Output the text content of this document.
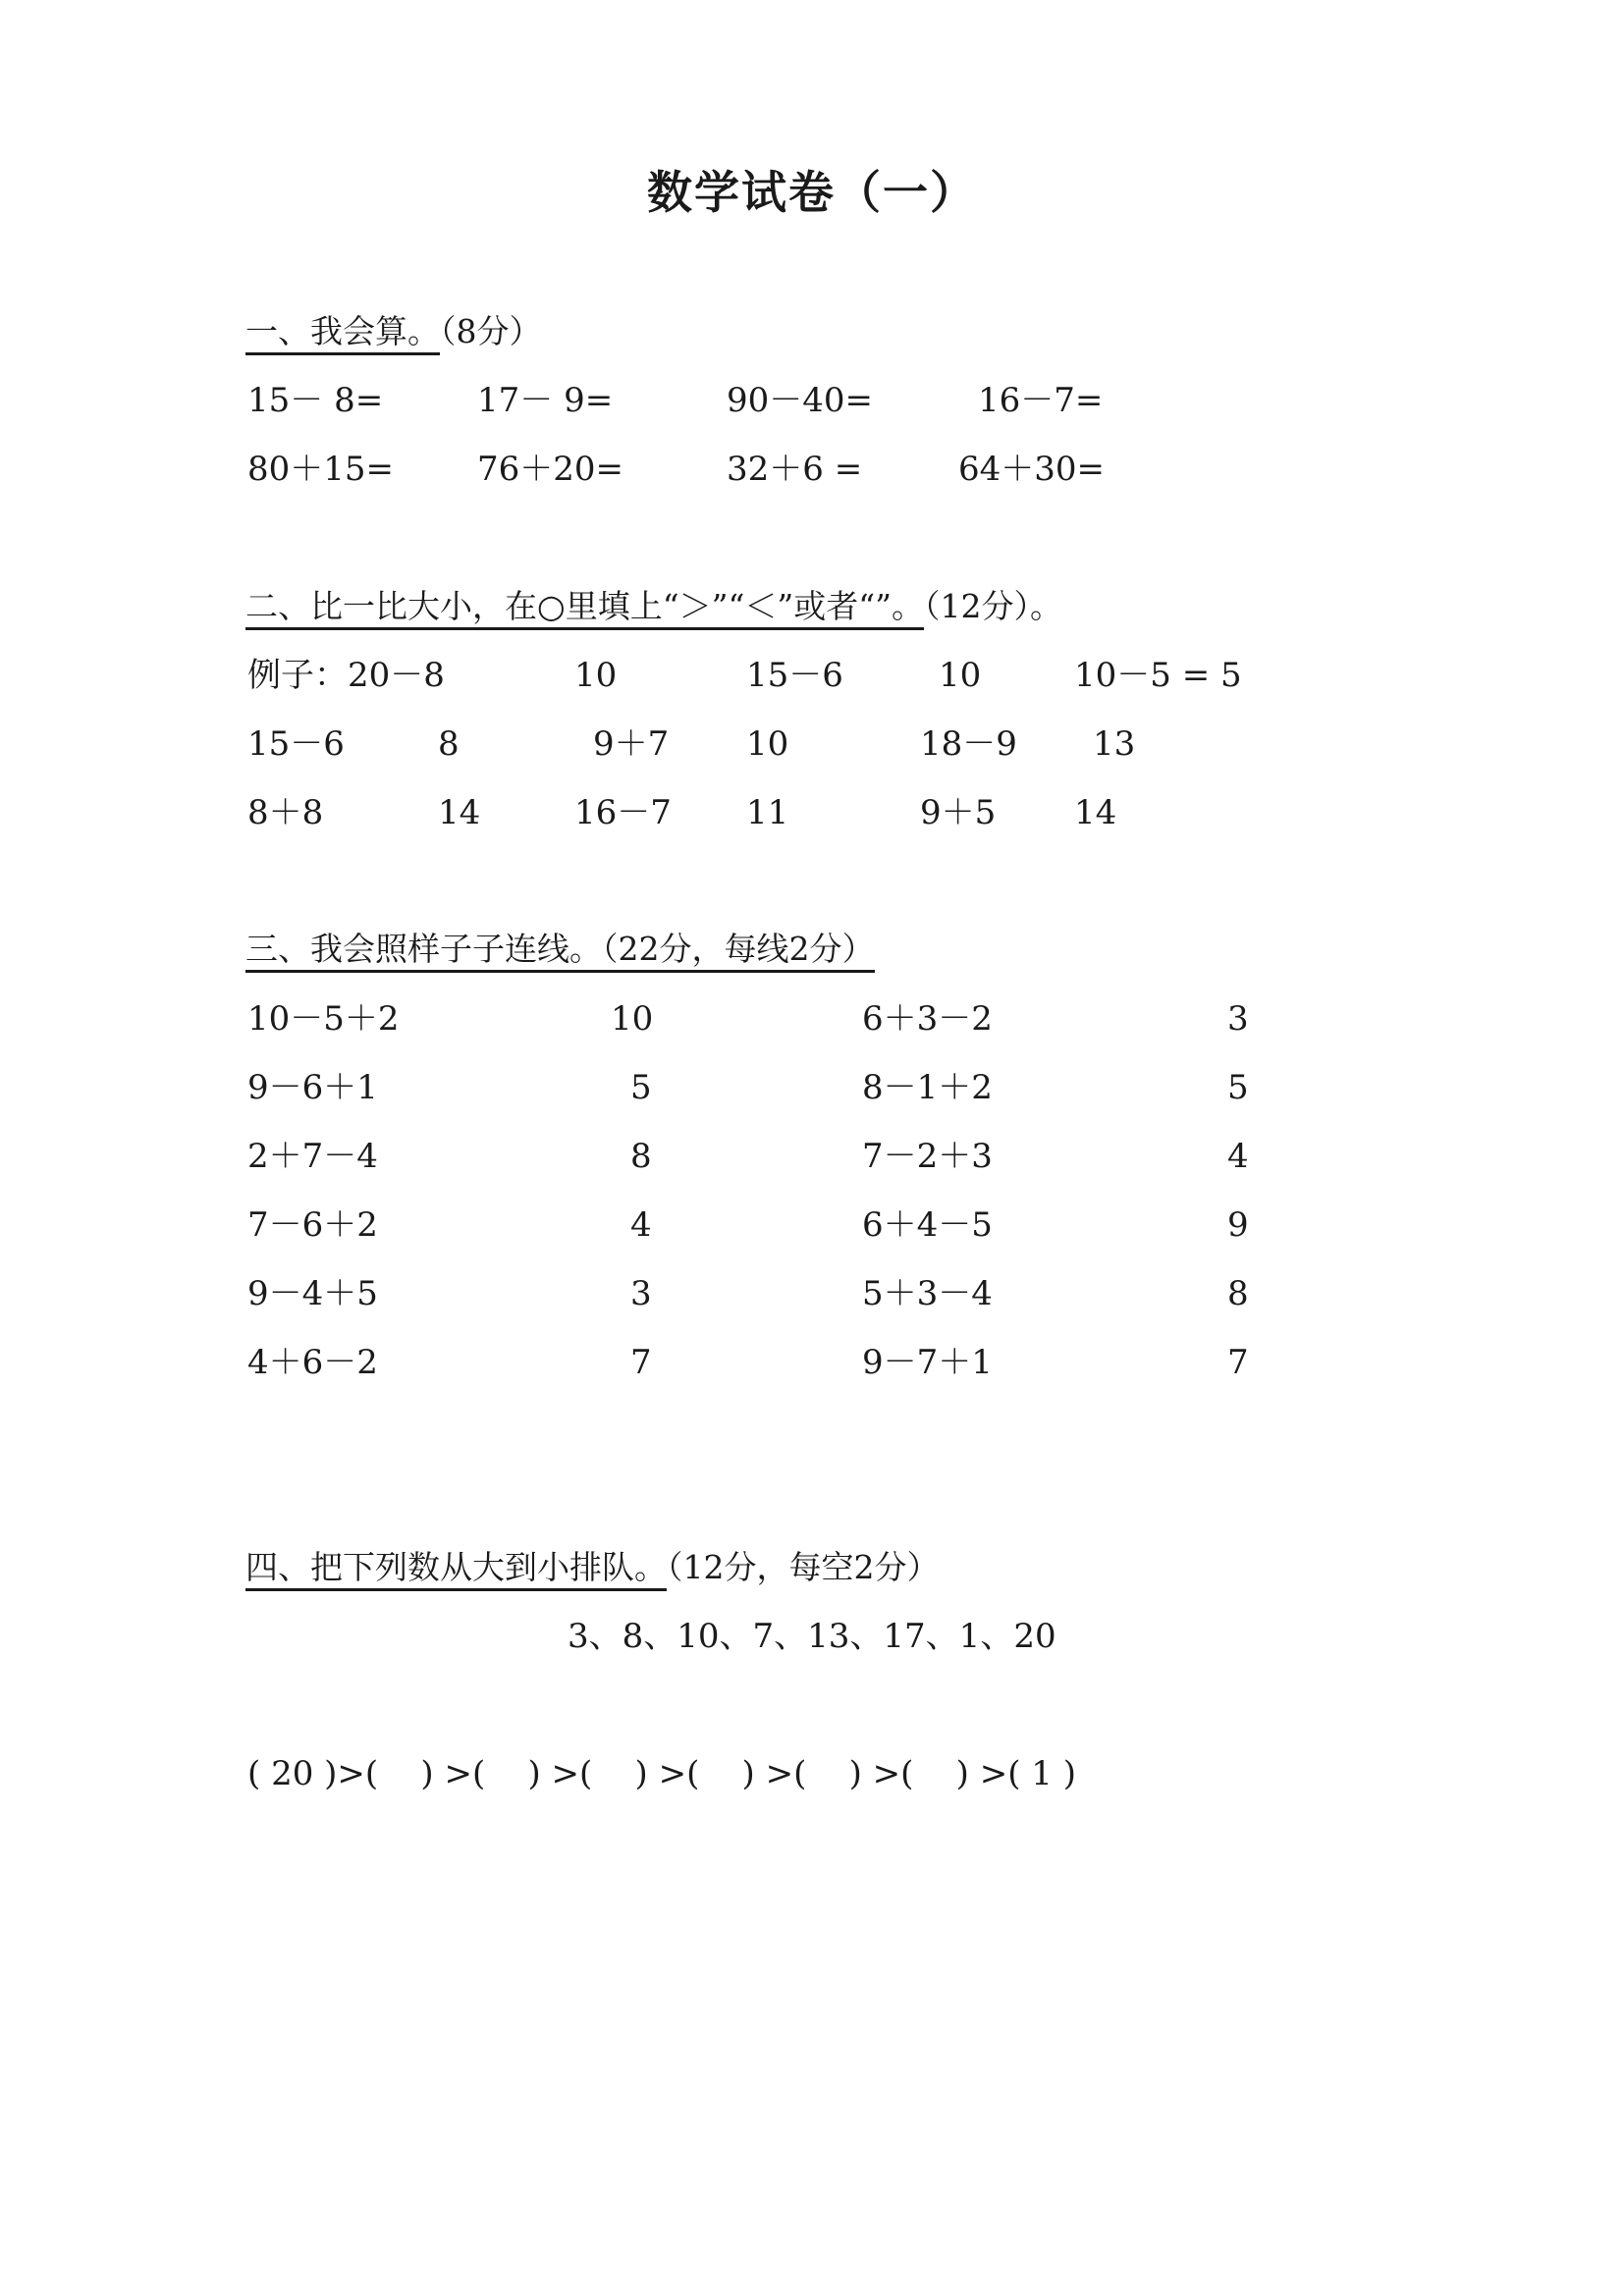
数学试卷（一）
一、我会算。（8分）
15－ 8=	17－ 9=	90－40=	16－7=
80＋15= 76＋20=	32＋6 =	64＋30=
二、比一比大小，在○里填上“＞”“＜”或者“”。（12分）。
例子：20－8	10	15－6	10	10－5 = 5
15－6	8	9＋7 10	18－9 13
8＋8	14	16－7 11	9＋5 14
三、我会照样子子连线。（22分，每线2分）
10－5＋2	10	6＋3－2	3
9－6＋1	5	8－1＋2	5
2＋7－4	8	7－2＋3	4
7－6＋2	4	6＋4－5	9
9－4＋5	3	5＋3－4	8
4＋6－2	7	9－7＋1	7
四、把下列数从大到小排队。（12分，每空2分）
3、8、10、7、13、17、1、20
( 20 )>(    ) >(    ) >(    ) >(    ) >(    ) >(    ) >( 1 )
